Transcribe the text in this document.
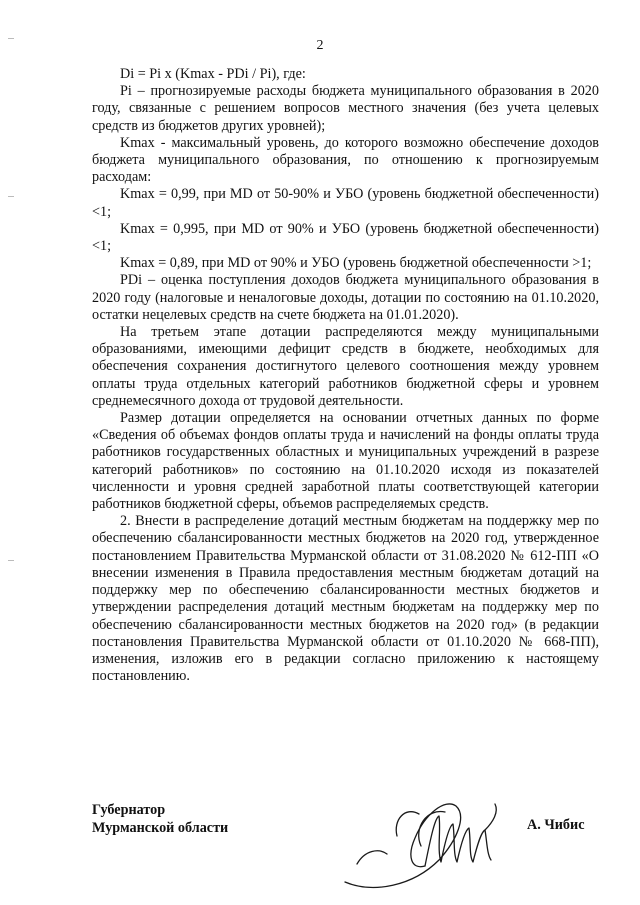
2

Di = Pi x (Kmax - PDi / Pi), где:

Pi – прогнозируемые расходы бюджета муниципального образования в 2020 году, связанные с решением вопросов местного значения (без учета целевых средств из бюджетов других уровней);

Kmax - максимальный уровень, до которого возможно обеспечение доходов бюджета муниципального образования, по отношению к прогнозируемым расходам:

Kmax = 0,99, при MD от 50-90% и УБО (уровень бюджетной обеспеченности) <1;

Kmax = 0,995, при MD от 90% и УБО (уровень бюджетной обеспеченности) <1;

Kmax = 0,89, при MD от 90% и УБО (уровень бюджетной обеспеченности >1;

PDi – оценка поступления доходов бюджета муниципального образования в 2020 году (налоговые и неналоговые доходы, дотации по состоянию на 01.10.2020, остатки нецелевых средств на счете бюджета на 01.01.2020).

На третьем этапе дотации распределяются между муниципальными образованиями, имеющими дефицит средств в бюджете, необходимых для обеспечения сохранения достигнутого целевого соотношения между уровнем оплаты труда отдельных категорий работников бюджетной сферы и уровнем среднемесячного дохода от трудовой деятельности.

Размер дотации определяется на основании отчетных данных по форме «Сведения об объемах фондов оплаты труда и начислений на фонды оплаты труда работников государственных областных и муниципальных учреждений в разрезе категорий работников» по состоянию на 01.10.2020 исходя из показателей численности и уровня средней заработной платы соответствующей категории работников бюджетной сферы, объемов распределяемых средств.

2. Внести в распределение дотаций местным бюджетам на поддержку мер по обеспечению сбалансированности местных бюджетов на 2020 год, утвержденное постановлением Правительства Мурманской области от 31.08.2020 № 612-ПП «О внесении изменения в Правила предоставления местным бюджетам дотаций на поддержку мер по обеспечению сбалансированности местных бюджетов и утверждении распределения дотаций местным бюджетам на поддержку мер по обеспечению сбалансированности местных бюджетов на 2020 год» (в редакции постановления Правительства Мурманской области от 01.10.2020 № 668-ПП), изменения, изложив его в редакции согласно приложению к настоящему постановлению.

Губернатор
Мурманской области	А. Чибис
